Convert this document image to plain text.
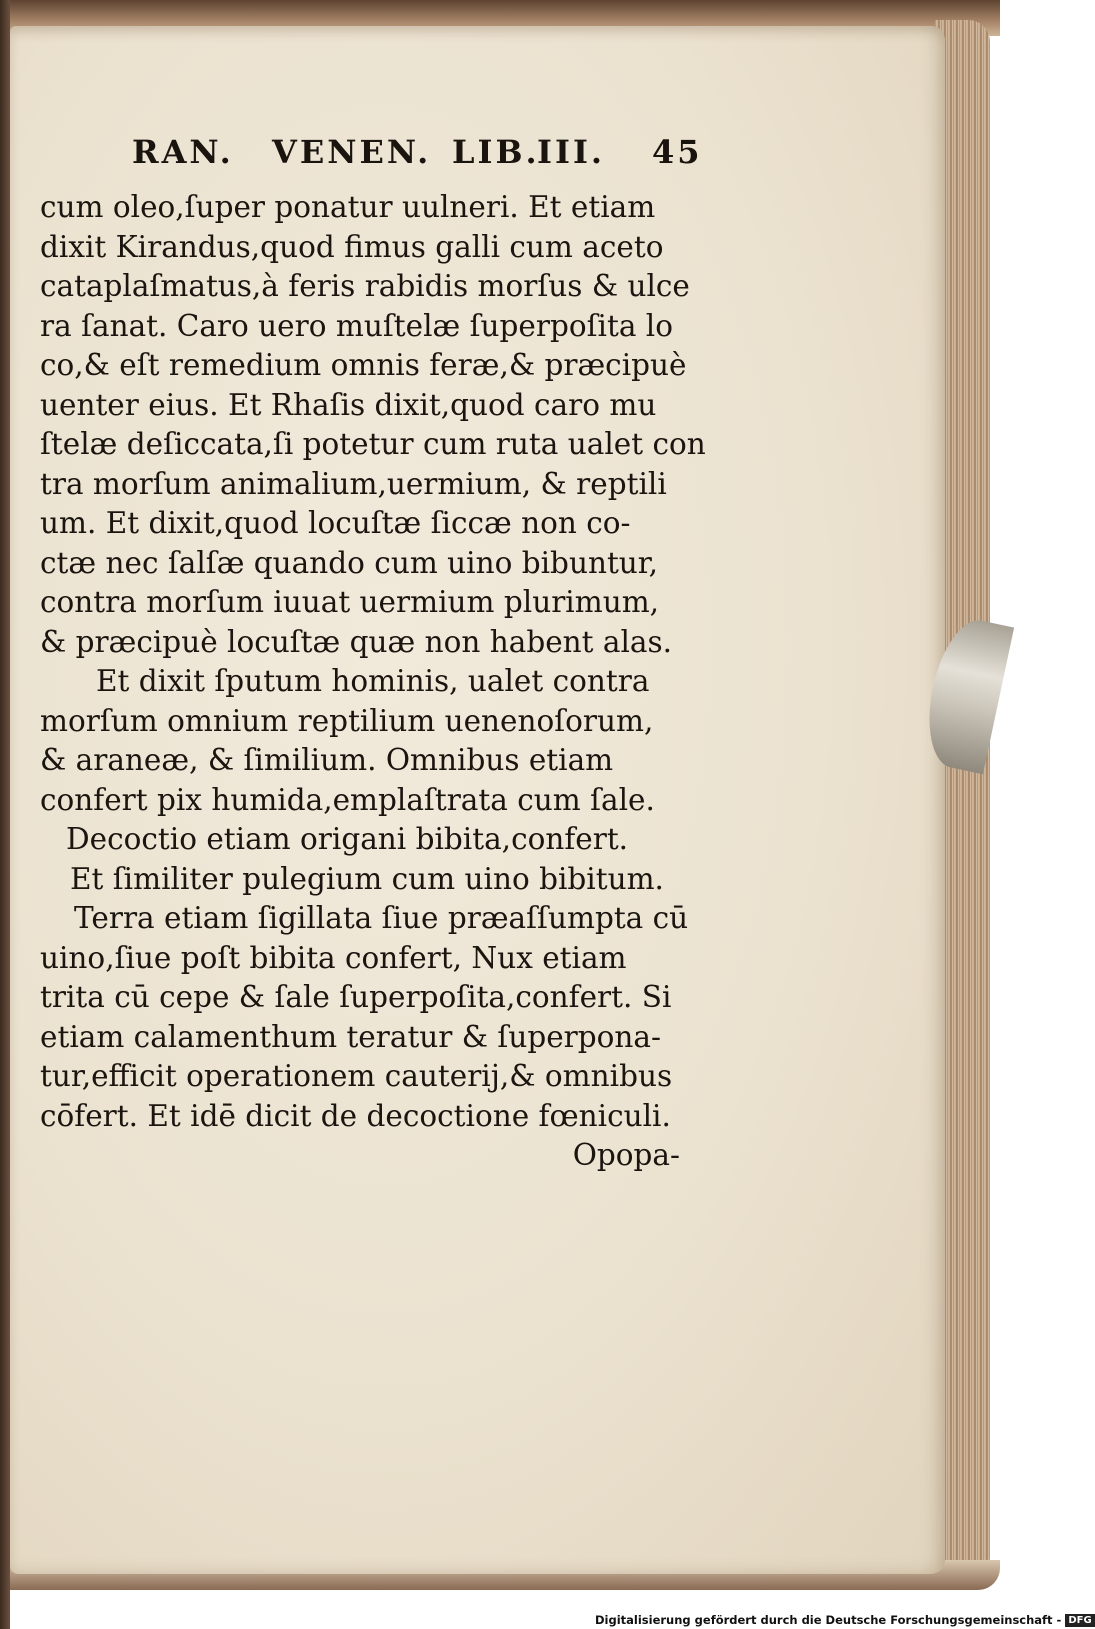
RAN. VENEN. LIB.
III. 45
cum oleo,ſuper ponatur uulneri. Et etiam
dixit Kirandus,quod fimus galli cum aceto
cataplaſmatus,à feris rabidis morſus & ulce
ra ſanat. Caro uero muſtelæ ſuperpoſita lo
co,& eſt remedium omnis feræ,& præcipuè
uenter eius. Et Rhaſis dixit,quod caro mu
ſtelæ deſiccata,ſi potetur cum ruta ualet con
tra morſum animalium,uermium, & reptili
um. Et dixit,quod locuſtæ ſiccæ non co-
ctæ nec ſalſæ quando cum uino bibuntur,
contra morſum iuuat uermium plurimum,
& præcipuè locuſtæ quæ non habent alas.
Et dixit ſputum hominis, ualet contra
morſum omnium reptilium uenenoſorum,
& araneæ, & ſimilium. Omnibus etiam
confert pix humida,emplaſtrata cum ſale.
Decoctio etiam origani bibita,confert.
Et ſimiliter pulegium cum uino bibitum.
Terra etiam ſigillata ſiue præaſſumpta cū
uino,ſiue poſt bibita confert, Nux etiam
trita cū cepe & ſale ſuperpoſita,confert. Si
etiam calamenthum teratur & ſuperpona-
tur,efficit operationem cauterij,& omnibus
cōfert. Et idē dicit de decoctione fœniculi.
Opopa-
Digitalisierung gefördert durch die Deutsche Forschungsgemeinschaft - DFG
